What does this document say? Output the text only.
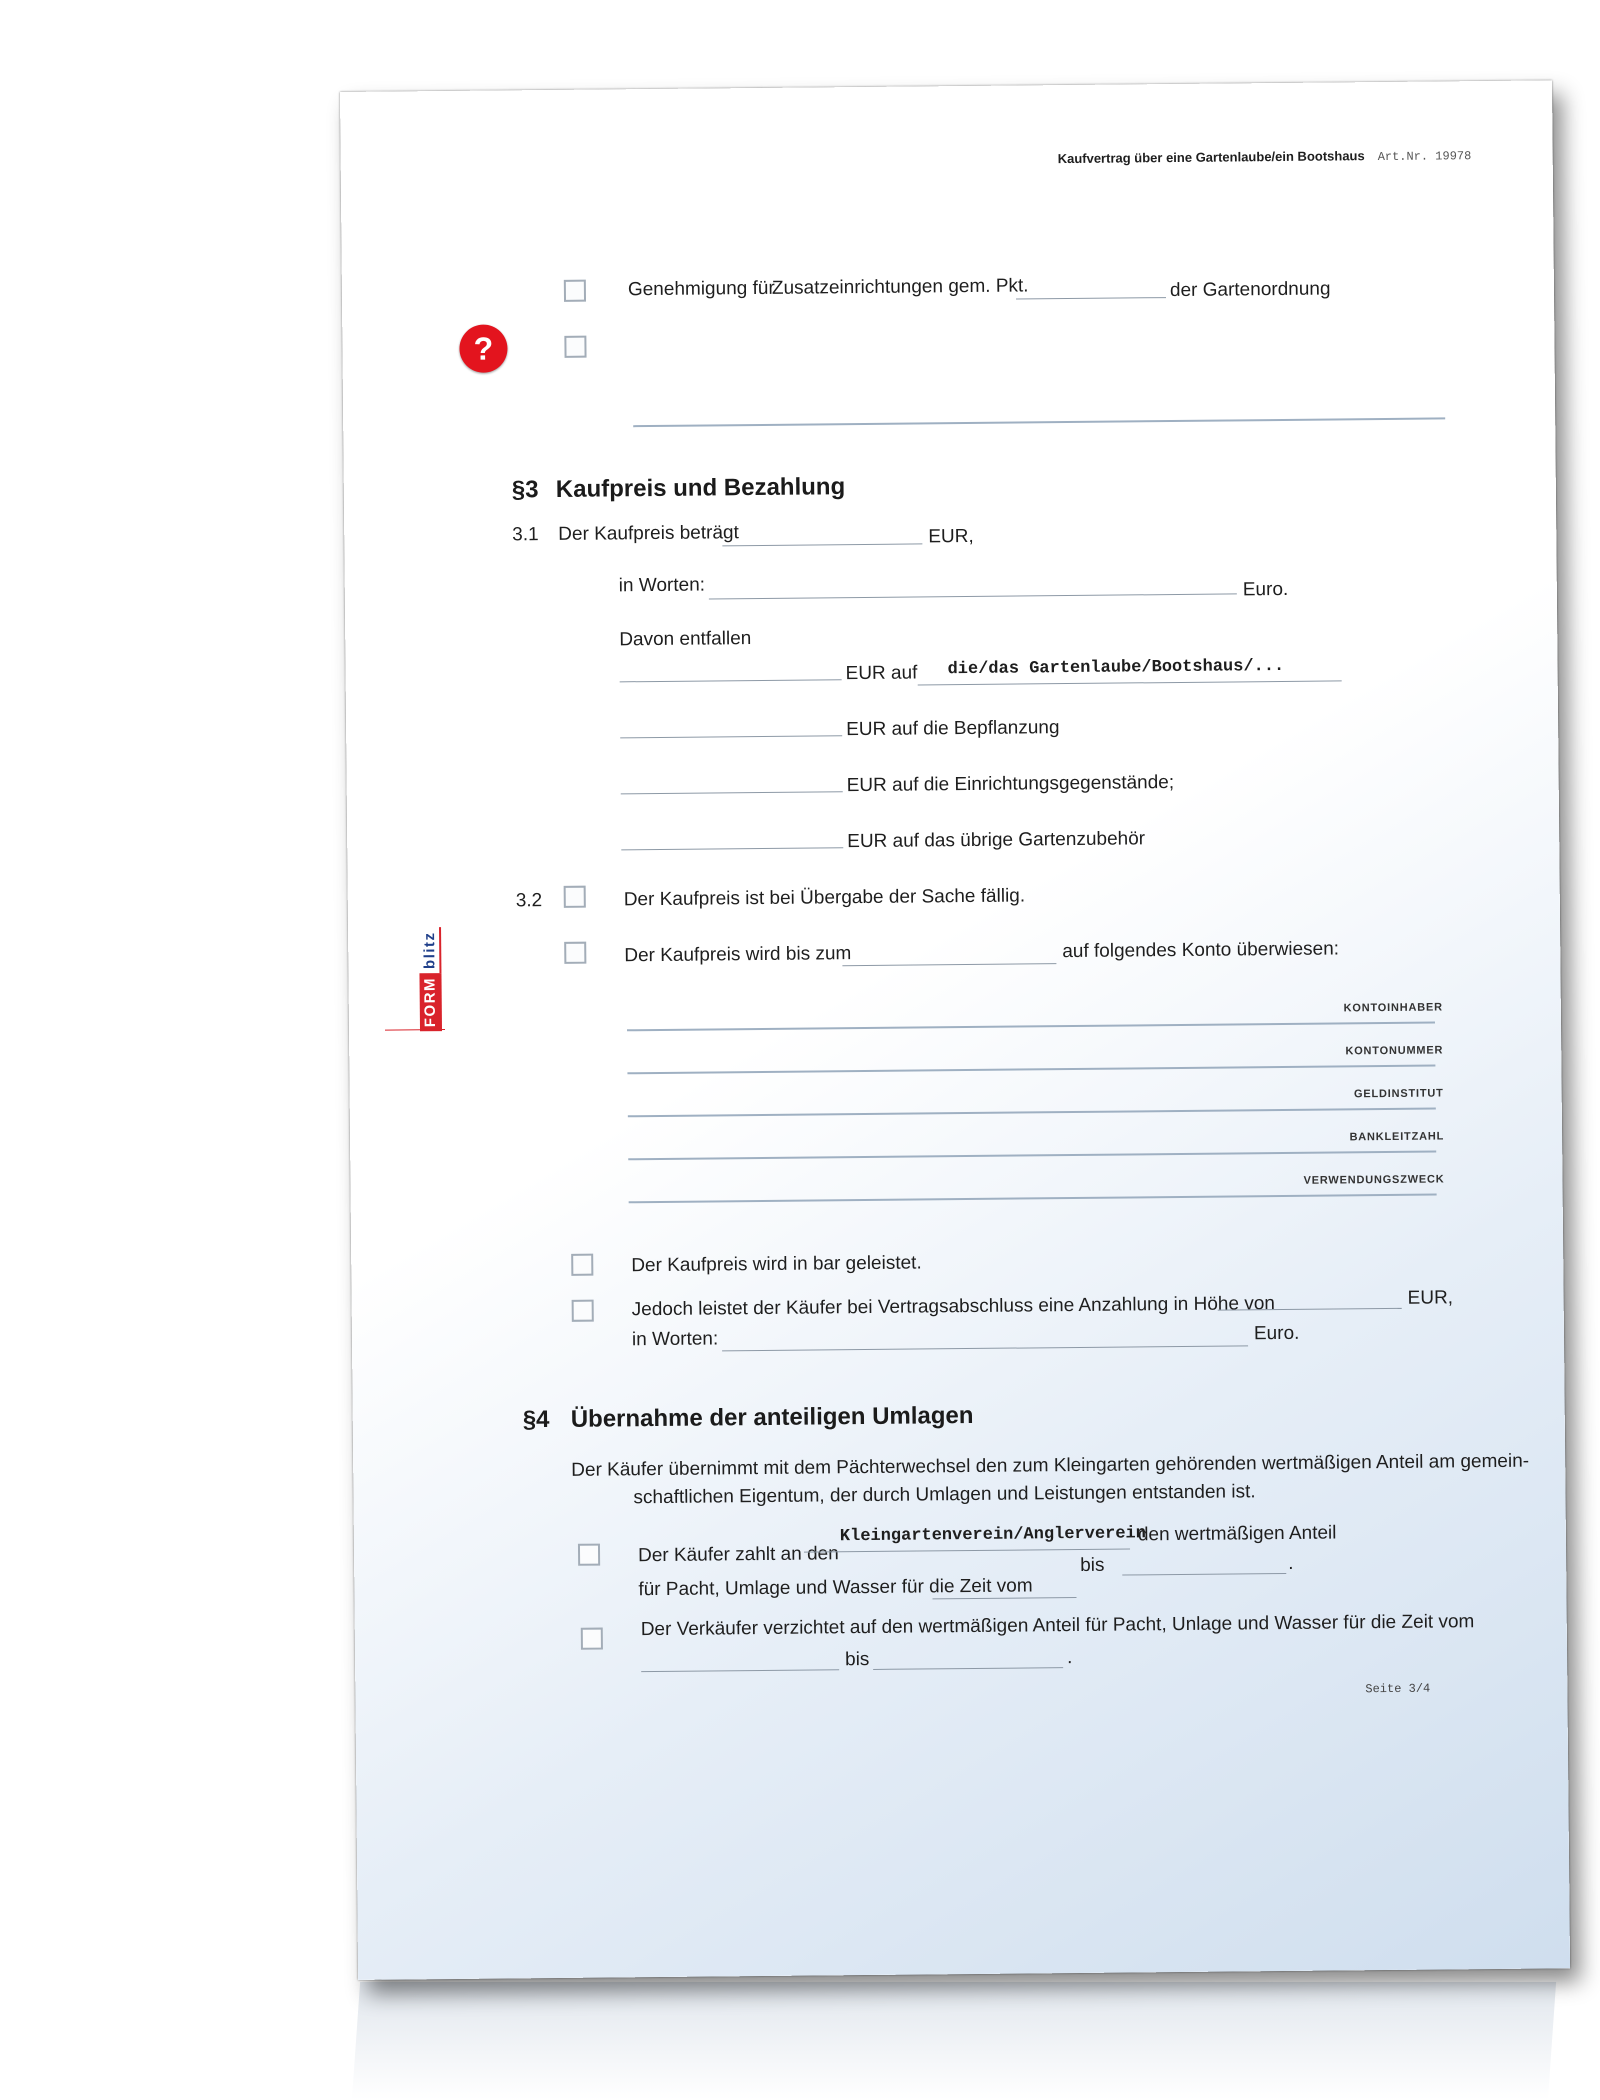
Kaufvertrag über eine Gartenlaube/ein Bootshaus Art.Nr. 19978
Genehmigung für
Zusatzeinrichtungen gem. Pkt.	der Gartenordnung
?
FORM
blitz
§3 Kaufpreis und Bezahlung
3.1 Der Kaufpreis beträgt	EUR,
in Worten:	Euro.
Davon entfallen
EUR auf die/das Gartenlaube/Bootshaus/...
EUR auf die Bepflanzung
EUR auf die Einrichtungsgegenstände;
EUR auf das übrige Gartenzubehör
3.2	Der Kaufpreis ist bei Übergabe der Sache fällig.
Der Kaufpreis wird bis zum	auf folgendes Konto überwiesen:
KONTOINHABER
KONTONUMMER
GELDINSTITUT
BANKLEITZAHL
VERWENDUNGSZWECK
Der Kaufpreis wird in bar geleistet.
Jedoch leistet der Käufer bei Vertragsabschluss eine Anzahlung in Höhe von	EUR,
in Worten:	Euro.
§4 Übernahme der anteiligen Umlagen
Der Käufer übernimmt mit dem Pächterwechsel den zum Kleingarten gehörenden wertmäßigen Anteil am gemein-
schaftlichen Eigentum, der durch Umlagen und Leistungen entstanden ist.
Der Käufer zahlt an den
Kleingartenverein/Anglerverein
den wertmäßigen Anteil
bis	.
für Pacht, Umlage und Wasser für die Zeit vom
Der Verkäufer verzichtet auf den wertmäßigen Anteil für Pacht, Unlage und Wasser für die Zeit vom
bis	.
Seite 3/4
